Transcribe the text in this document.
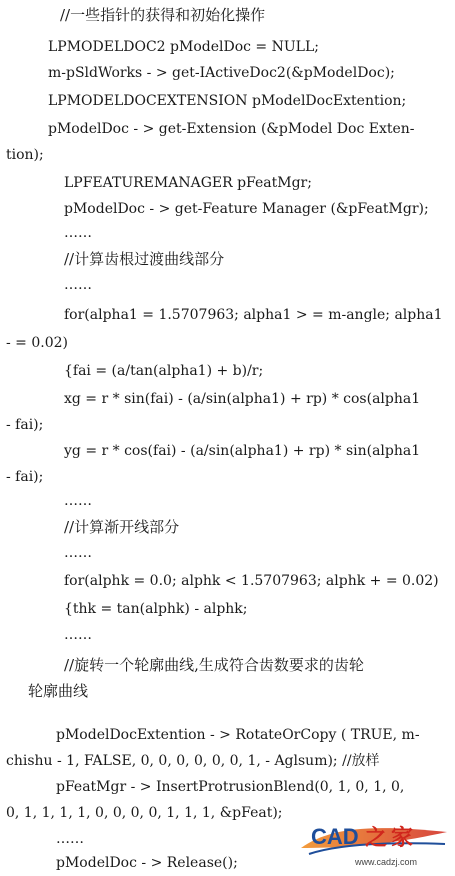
//一些指针的获得和初始化操作
LPMODELDOC2 pModelDoc = NULL;
m-pSldWorks - > get-IActiveDoc2(&pModelDoc);
LPMODELDOCEXTENSION pModelDocExtention;
pModelDoc - > get-Extension (&pModel Doc Exten-
tion);
LPFEATUREMANAGER pFeatMgr;
pModelDoc - > get-Feature Manager (&pFeatMgr);
……
//计算齿根过渡曲线部分
……
for(alpha1 = 1.5707963; alpha1 > = m-angle; alpha1
- = 0.02)
{fai = (a/tan(alpha1) + b)/r;
xg = r * sin(fai) - (a/sin(alpha1) + rp) * cos(alpha1
- fai);
yg = r * cos(fai) - (a/sin(alpha1) + rp) * sin(alpha1
- fai);
……
//计算渐开线部分
……
for(alphk = 0.0; alphk < 1.5707963; alphk + = 0.02)
{thk = tan(alphk) - alphk;
……
//旋转一个轮廓曲线,生成符合齿数要求的齿轮
轮廓曲线
pModelDocExtention - > RotateOrCopy ( TRUE, m-
chishu - 1, FALSE, 0, 0, 0, 0, 0, 0, 1, - Aglsum); //放样
pFeatMgr - > InsertProtrusionBlend(0, 1, 0, 1, 0,
0, 1, 1, 1, 1, 0, 0, 0, 0, 1, 1, 1, &pFeat);
……
pModelDoc - > Release();
CAD 之 家
www.cadzj.com
